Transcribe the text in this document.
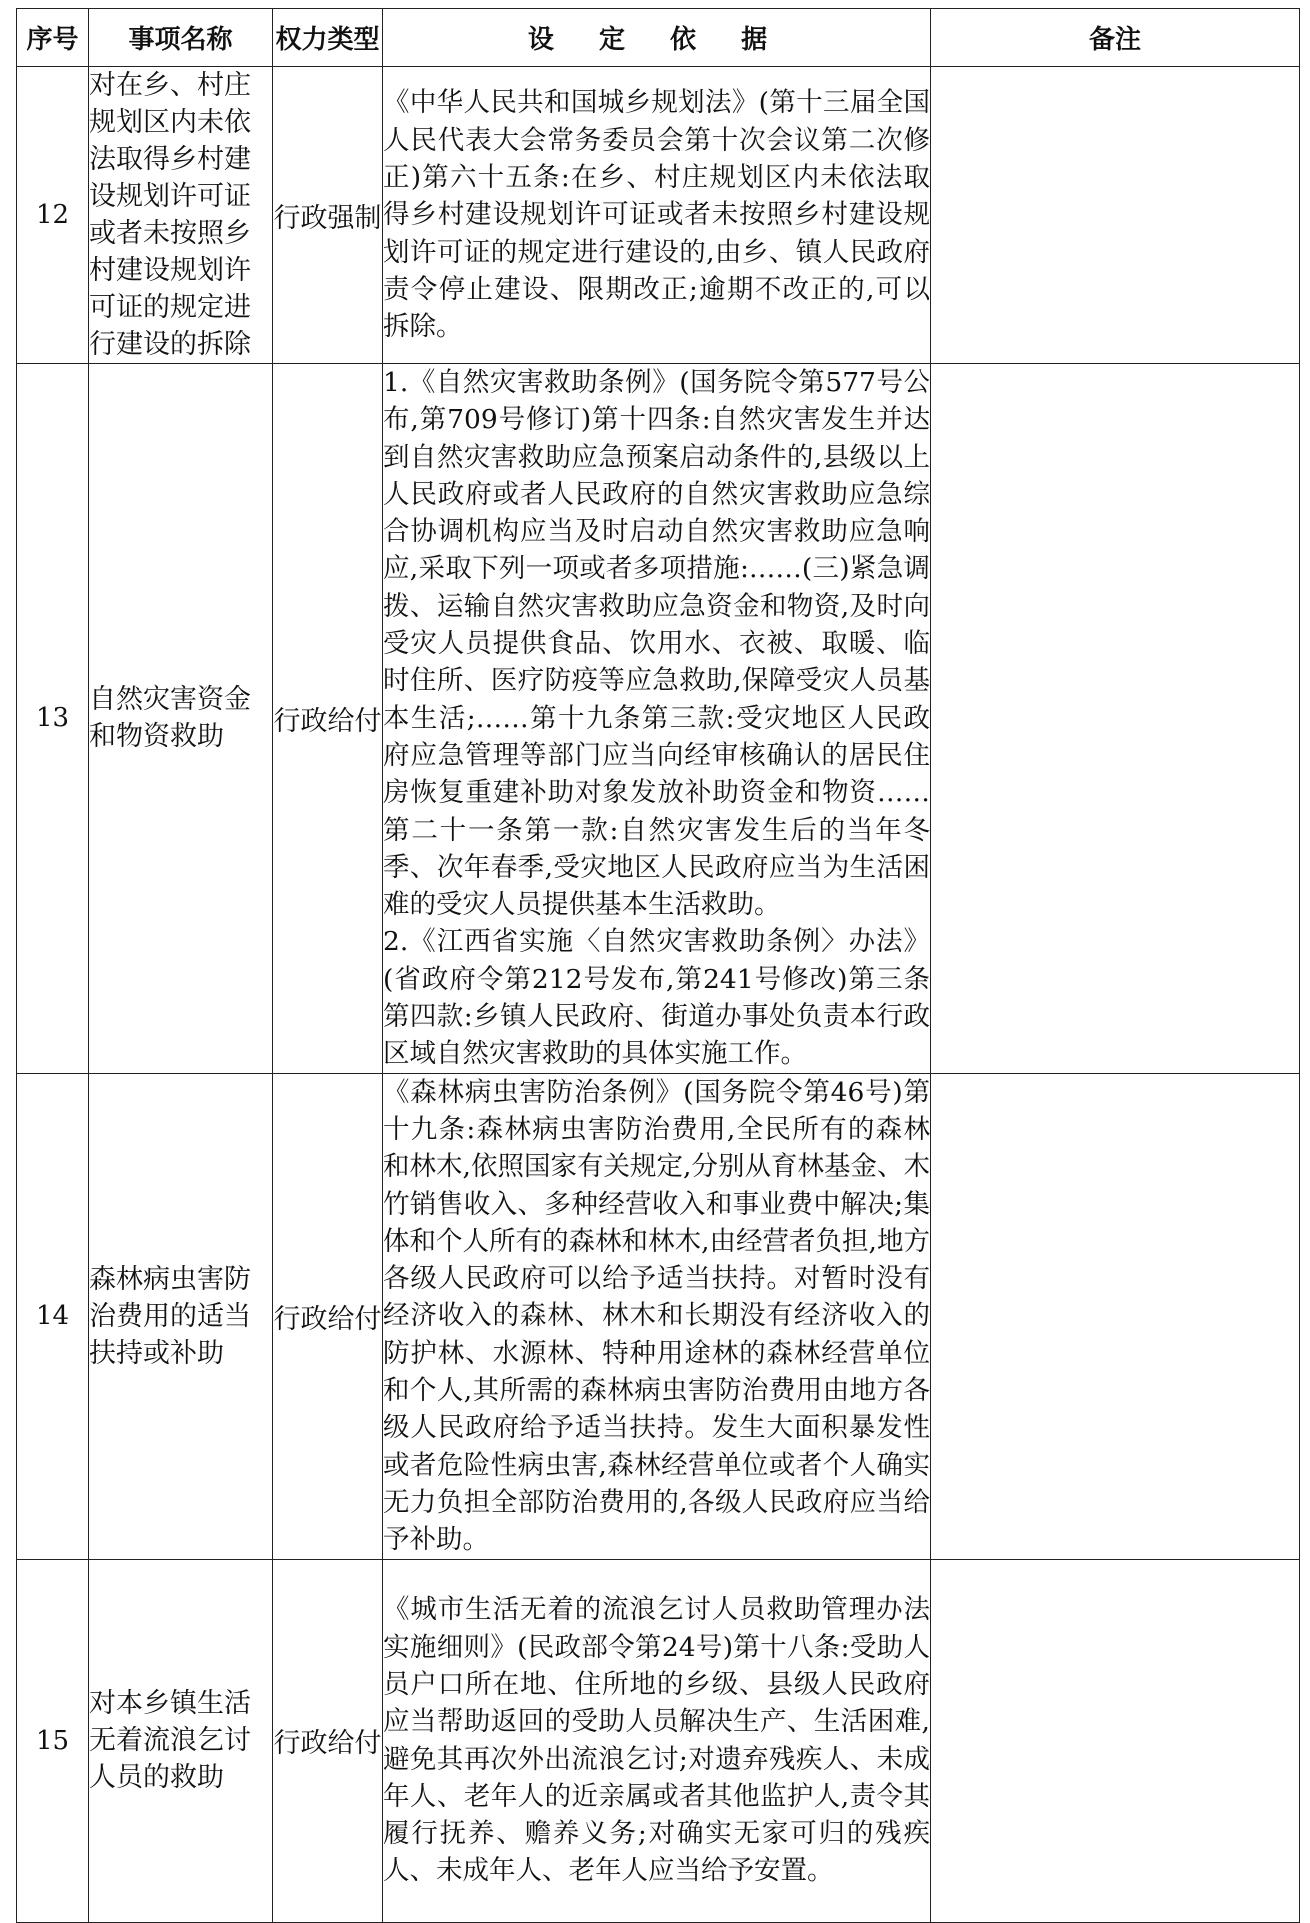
序号	事项名称	权力类型	设 定 依 据	备注
12	对在乡、村庄规划区内未依法取得乡村建设规划许可证或者未按照乡村建设规划许可证的规定进行建设的拆除	行政强制	《中华人民共和国城乡规划法》(第十三届全国人民代表大会常务委员会第十次会议第二次修正)第六十五条:在乡、村庄规划区内未依法取得乡村建设规划许可证或者未按照乡村建设规划许可证的规定进行建设的,由乡、镇人民政府责令停止建设、限期改正;逾期不改正的,可以拆除。	

13	自然灾害资金和物资救助	行政给付	1.《自然灾害救助条例》(国务院令第577号公布,第709号修订)第十四条:自然灾害发生并达到自然灾害救助应急预案启动条件的,县级以上人民政府或者人民政府的自然灾害救助应急综合协调机构应当及时启动自然灾害救助应急响应,采取下列一项或者多项措施:……(三)紧急调拨、运输自然灾害救助应急资金和物资,及时向受灾人员提供食品、饮用水、衣被、取暖、临时住所、医疗防疫等应急救助,保障受灾人员基本生活;……第十九条第三款:受灾地区人民政府应急管理等部门应当向经审核确认的居民住房恢复重建补助对象发放补助资金和物资……第二十一条第一款:自然灾害发生后的当年冬季、次年春季,受灾地区人民政府应当为生活困难的受灾人员提供基本生活救助。
2.《江西省实施〈自然灾害救助条例〉办法》(省政府令第212号发布,第241号修改)第三条第四款:乡镇人民政府、街道办事处负责本行政区域自然灾害救助的具体实施工作。	

14	森林病虫害防治费用的适当扶持或补助	行政给付	《森林病虫害防治条例》(国务院令第46号)第十九条:森林病虫害防治费用,全民所有的森林和林木,依照国家有关规定,分别从育林基金、木竹销售收入、多种经营收入和事业费中解决;集体和个人所有的森林和林木,由经营者负担,地方各级人民政府可以给予适当扶持。对暂时没有经济收入的森林、林木和长期没有经济收入的防护林、水源林、特种用途林的森林经营单位和个人,其所需的森林病虫害防治费用由地方各级人民政府给予适当扶持。发生大面积暴发性或者危险性病虫害,森林经营单位或者个人确实无力负担全部防治费用的,各级人民政府应当给予补助。	

15	对本乡镇生活无着流浪乞讨人员的救助	行政给付	《城市生活无着的流浪乞讨人员救助管理办法实施细则》(民政部令第24号)第十八条:受助人员户口所在地、住所地的乡级、县级人民政府应当帮助返回的受助人员解决生产、生活困难,避免其再次外出流浪乞讨;对遗弃残疾人、未成年人、老年人的近亲属或者其他监护人,责令其履行抚养、赡养义务;对确实无家可归的残疾人、未成年人、老年人应当给予安置。	
